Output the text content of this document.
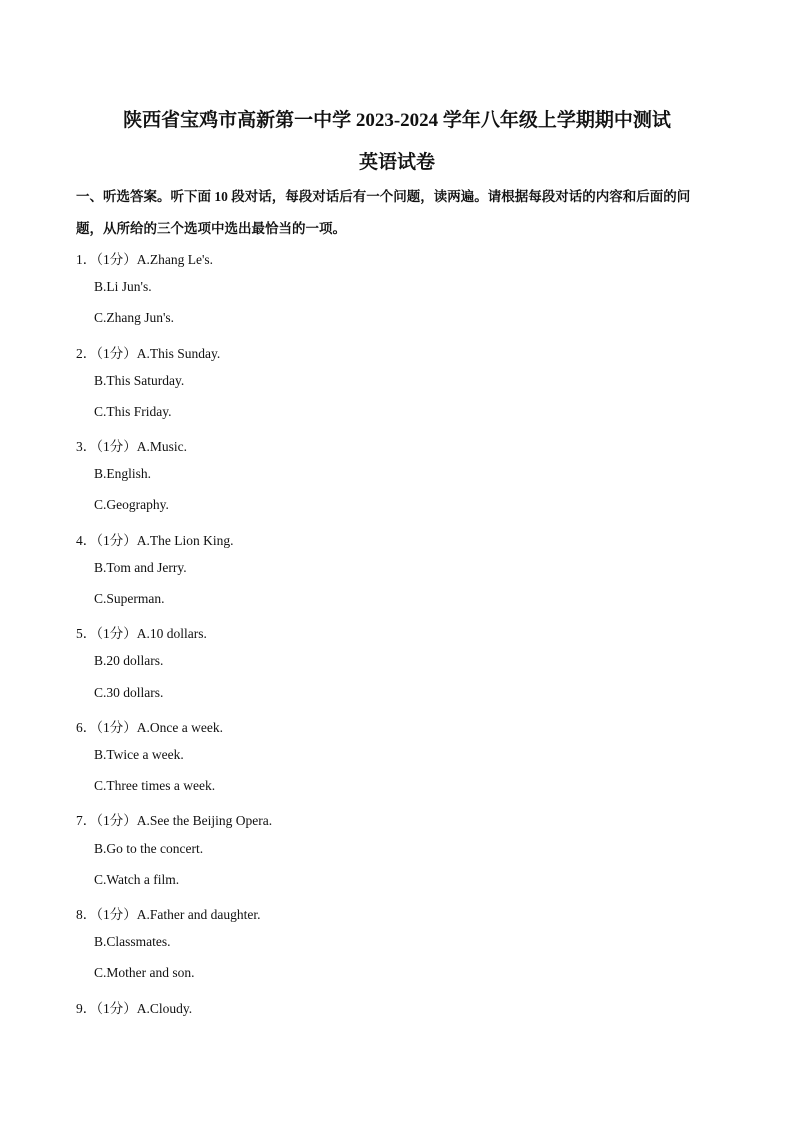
陕西省宝鸡市高新第一中学 2023-2024 学年八年级上学期期中测试
英语试卷
一、听选答案。听下面 10 段对话，每段对话后有一个问题，读两遍。请根据每段对话的内容和后面的问
题，从所给的三个选项中选出最恰当的一项。
1．（1分）A.Zhang Le's.
B.Li Jun's.
C.Zhang Jun's.
2．（1分）A.This Sunday.
B.This Saturday.
C.This Friday.
3．（1分）A.Music.
B.English.
C.Geography.
4．（1分）A.The Lion King.
B.Tom and Jerry.
C.Superman.
5．（1分）A.10 dollars.
B.20 dollars.
C.30 dollars.
6．（1分）A.Once a week.
B.Twice a week.
C.Three times a week.
7．（1分）A.See the Beijing Opera.
B.Go to the concert.
C.Watch a film.
8．（1分）A.Father and daughter.
B.Classmates.
C.Mother and son.
9．（1分）A.Cloudy.
